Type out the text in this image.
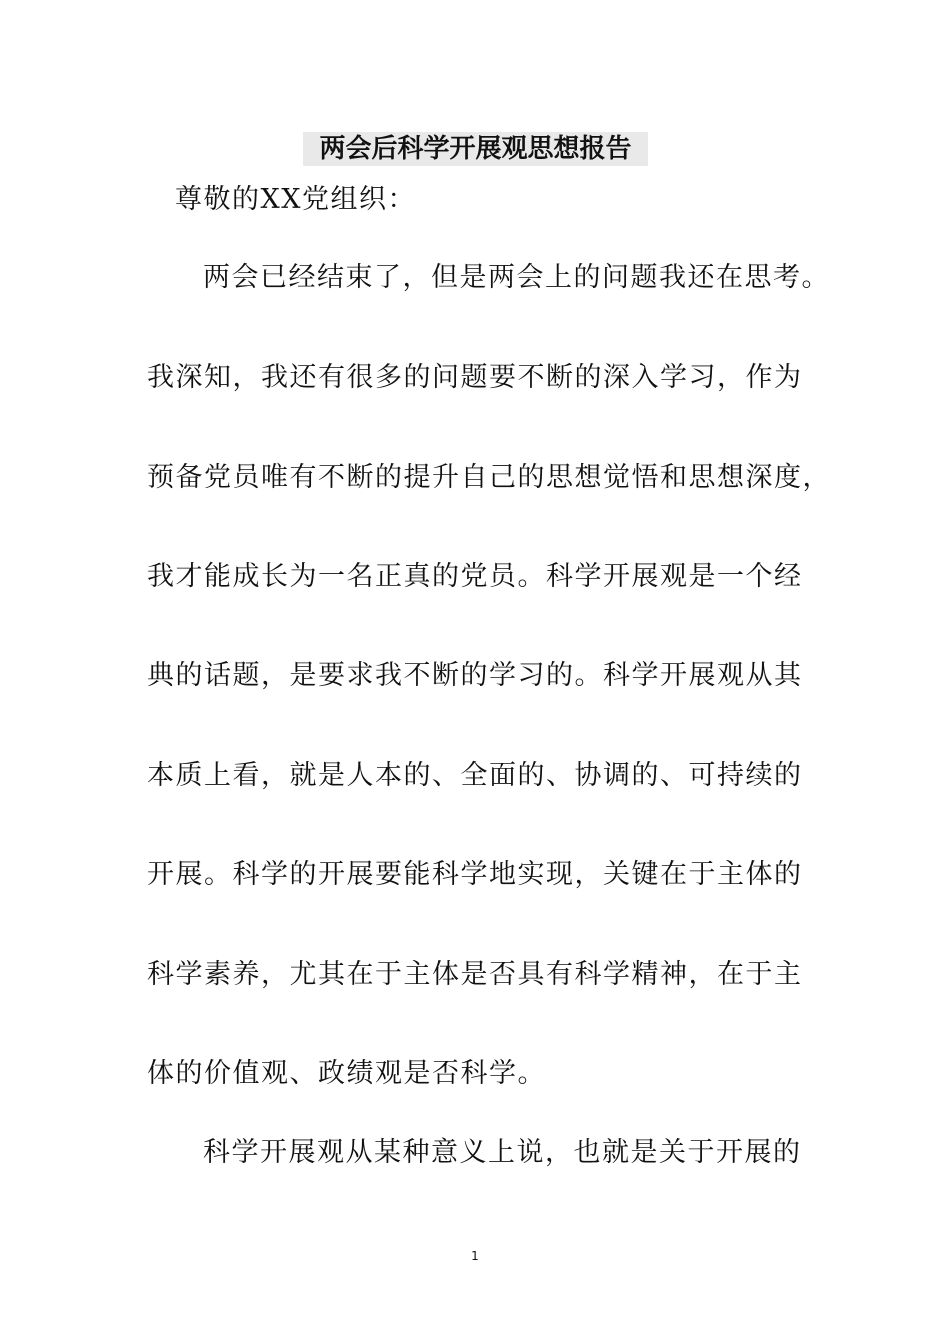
两会后科学开展观思想报告
尊敬的XX党组织：
两会已经结束了，但是两会上的问题我还在思考。
我深知，我还有很多的问题要不断的深入学习，作为
预备党员唯有不断的提升自己的思想觉悟和思想深度，
我才能成长为一名正真的党员。科学开展观是一个经
典的话题，是要求我不断的学习的。科学开展观从其
本质上看，就是人本的、全面的、协调的、可持续的
开展。科学的开展要能科学地实现，关键在于主体的
科学素养，尤其在于主体是否具有科学精神，在于主
体的价值观、政绩观是否科学。
科学开展观从某种意义上说，也就是关于开展的
1
